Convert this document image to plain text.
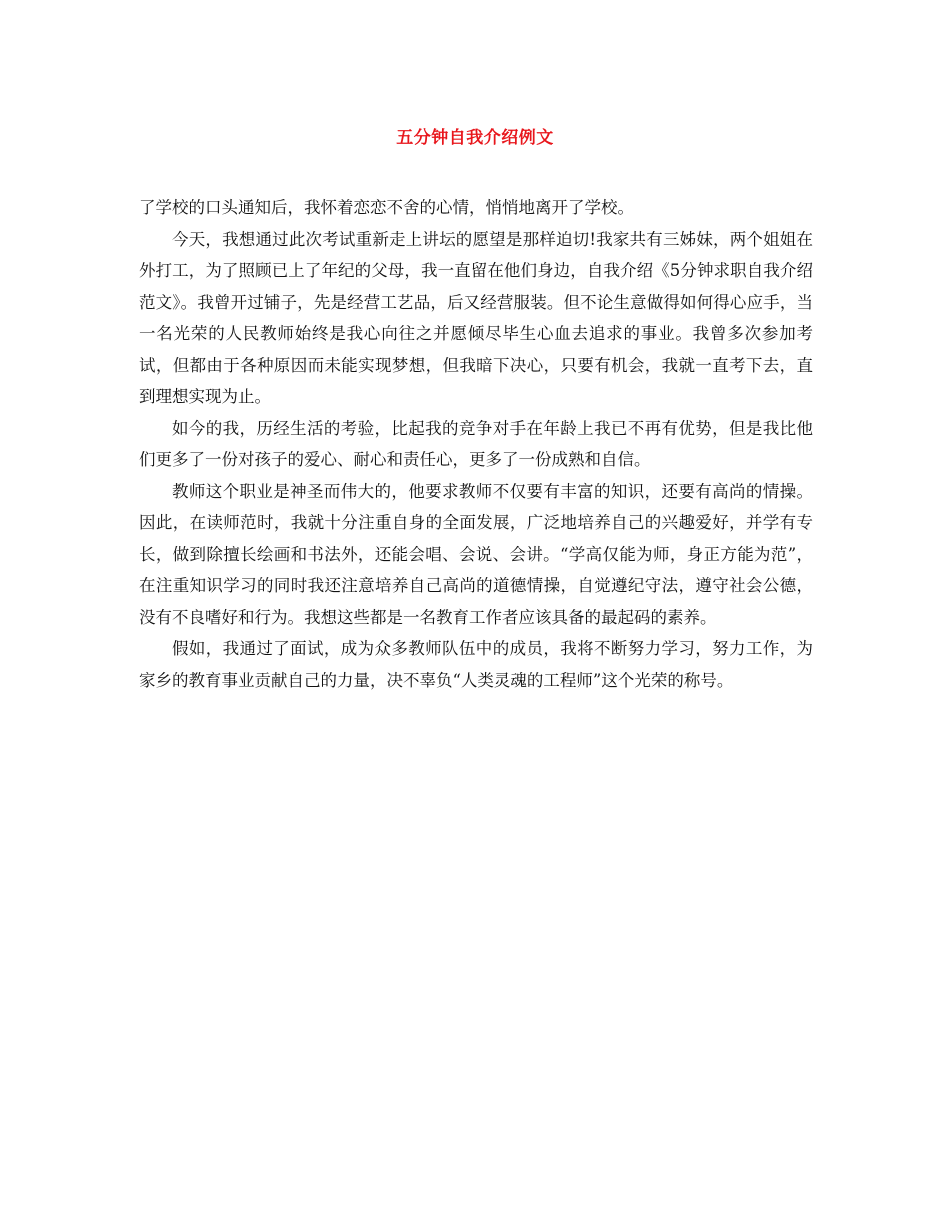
五分钟自我介绍例文

了学校的口头通知后，我怀着恋恋不舍的心情，悄悄地离开了学校。

今天，我想通过此次考试重新走上讲坛的愿望是那样迫切!我家共有三姊妹，两个姐姐在外打工，为了照顾已上了年纪的父母，我一直留在他们身边，自我介绍《5分钟求职自我介绍范文》。我曾开过铺子，先是经营工艺品，后又经营服装。但不论生意做得如何得心应手，当一名光荣的人民教师始终是我心向往之并愿倾尽毕生心血去追求的事业。我曾多次参加考试，但都由于各种原因而未能实现梦想，但我暗下决心，只要有机会，我就一直考下去，直到理想实现为止。

如今的我，历经生活的考验，比起我的竞争对手在年龄上我已不再有优势，但是我比他们更多了一份对孩子的爱心、耐心和责任心，更多了一份成熟和自信。

教师这个职业是神圣而伟大的，他要求教师不仅要有丰富的知识，还要有高尚的情操。因此，在读师范时，我就十分注重自身的全面发展，广泛地培养自己的兴趣爱好，并学有专长，做到除擅长绘画和书法外，还能会唱、会说、会讲。“学高仅能为师，身正方能为范”，在注重知识学习的同时我还注意培养自己高尚的道德情操，自觉遵纪守法，遵守社会公德，没有不良嗜好和行为。我想这些都是一名教育工作者应该具备的最起码的素养。

假如，我通过了面试，成为众多教师队伍中的成员，我将不断努力学习，努力工作，为家乡的教育事业贡献自己的力量，决不辜负“人类灵魂的工程师”这个光荣的称号。
